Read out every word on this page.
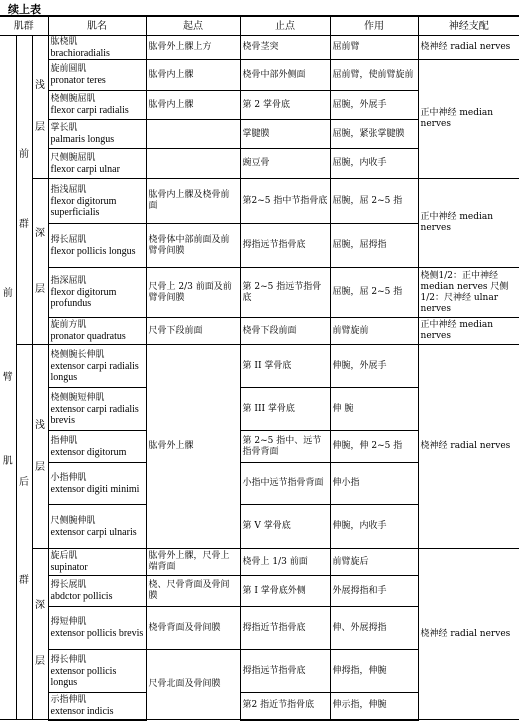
续上表
肌群			肌名	起点	止点	作用	神经支配
前

臂

肌	前

群	浅

层	肱桡肌
brachioradialis	肱骨外上髁上方	桡骨茎突	屈前臂	桡神经 radial nerves

			旋前圆肌
pronator teres	肱骨内上髁	桡骨中部外侧面	屈前臂，使前臂旋前	正中神经 median nerves

			桡侧腕屈肌
flexor carpi radialis	肱骨内上髁	第 2 掌骨底	屈腕，外展手	

			掌长肌
palmaris longus		掌腱膜	屈腕，紧张掌腱膜	

			尺侧腕屈肌
flexor carpi ulnar		豌豆骨	屈腕，内收手	

		深

层	指浅屈肌
flexor digitorum superficialis	肱骨内上髁及桡骨前面	第2~5 指中节指骨底	屈腕，屈 2~5 指	正中神经 median nerves

			拇长屈肌
flexor pollicis longus	桡骨体中部前面及前臂骨间膜	拇指远节指骨底	屈腕，屈拇指	

			指深屈肌
flexor digitorum profundus	尺骨上 2/3 前面及前臂骨间膜	第 2~5 指远节指骨底	屈腕，屈 2~5 指	桡侧1/2：正中神经 median nerves 尺侧 1/2：尺神经 ulnar nerves

			旋前方肌
pronator quadratus	尺骨下段前面	桡骨下段前面	前臂旋前	正中神经 median nerves

	后

群	浅

层	桡侧腕长伸肌
extensor carpi radialis longus	肱骨外上髁	第 II 掌骨底	伸腕，外展手	桡神经 radial nerves

			桡侧腕短伸肌
extensor carpi radialis brevis		第 III 掌骨底	伸 腕	

			指伸肌
extensor digitorum		第 2~5 指中、远节指骨背面	伸腕，伸 2~5 指	

			小指伸肌
extensor digiti minimi		小指中远节指骨背面	伸小指	

			尺侧腕伸肌
extensor carpi ulnaris		第 V 掌骨底	伸腕，内收手	

		深

层	旋后肌
supinator	肱骨外上髁，尺骨上端背面	桡骨上 1/3 前面	前臂旋后	桡神经 radial nerves

			拇长展肌
abdctor pollicis	桡、尺骨背面及骨间膜	第 I 掌骨底外侧	外展拇指和手	

			拇短伸肌
extensor pollicis brevis	桡骨背面及骨间膜	拇指近节指骨底	伸、外展拇指	

			拇长伸肌
extensor pollicis longus	尺骨北面及骨间膜	拇指远节指骨底	伸拇指，伸腕	

			示指伸肌
extensor indicis		第2 指近节指骨底	伸示指，伸腕	
